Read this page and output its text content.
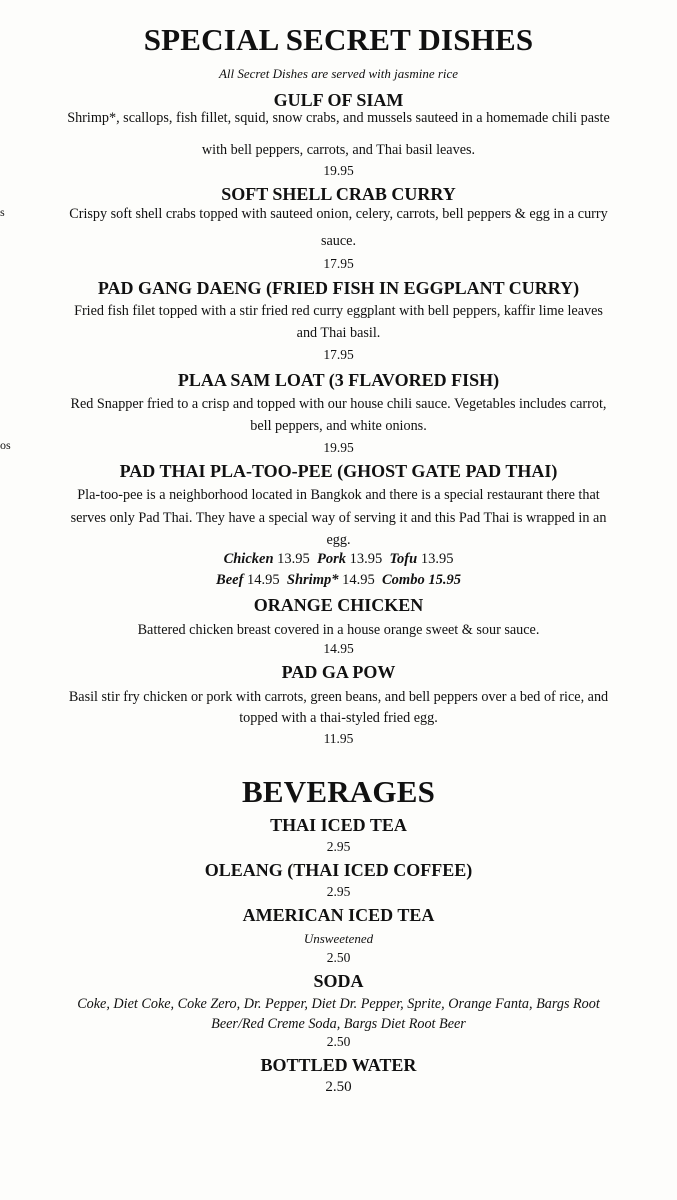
s
os
SPECIAL SECRET DISHES
All Secret Dishes are served with jasmine rice
GULF OF SIAM
Shrimp*, scallops, fish fillet, squid, snow crabs, and mussels sauteed in a homemade chili paste
with bell peppers, carrots, and Thai basil leaves.
19.95
SOFT SHELL CRAB CURRY
Crispy soft shell crabs topped with sauteed onion, celery, carrots, bell peppers & egg in a curry
sauce.
17.95
PAD GANG DAENG (FRIED FISH IN EGGPLANT CURRY)
Fried fish filet topped with a stir fried red curry eggplant with bell peppers, kaffir lime leaves
and Thai basil.
17.95
PLAA SAM LOAT (3 FLAVORED FISH)
Red Snapper fried to a crisp and topped with our house chili sauce. Vegetables includes carrot,
bell peppers, and white onions.
19.95
PAD THAI PLA-TOO-PEE (GHOST GATE PAD THAI)
Pla-too-pee is a neighborhood located in Bangkok and there is a special restaurant there that
serves only Pad Thai. They have a special way of serving it and this Pad Thai is wrapped in an
egg.
Chicken 13.95 Pork 13.95 Tofu 13.95
Beef 14.95 Shrimp* 14.95 Combo 15.95
ORANGE CHICKEN
Battered chicken breast covered in a house orange sweet & sour sauce.
14.95
PAD GA POW
Basil stir fry chicken or pork with carrots, green beans, and bell peppers over a bed of rice, and
topped with a thai-styled fried egg.
11.95
BEVERAGES
THAI ICED TEA
2.95
OLEANG (THAI ICED COFFEE)
2.95
AMERICAN ICED TEA
Unsweetened
2.50
SODA
Coke, Diet Coke, Coke Zero, Dr. Pepper, Diet Dr. Pepper, Sprite, Orange Fanta, Bargs Root
Beer/Red Creme Soda, Bargs Diet Root Beer
2.50
BOTTLED WATER
2.50
